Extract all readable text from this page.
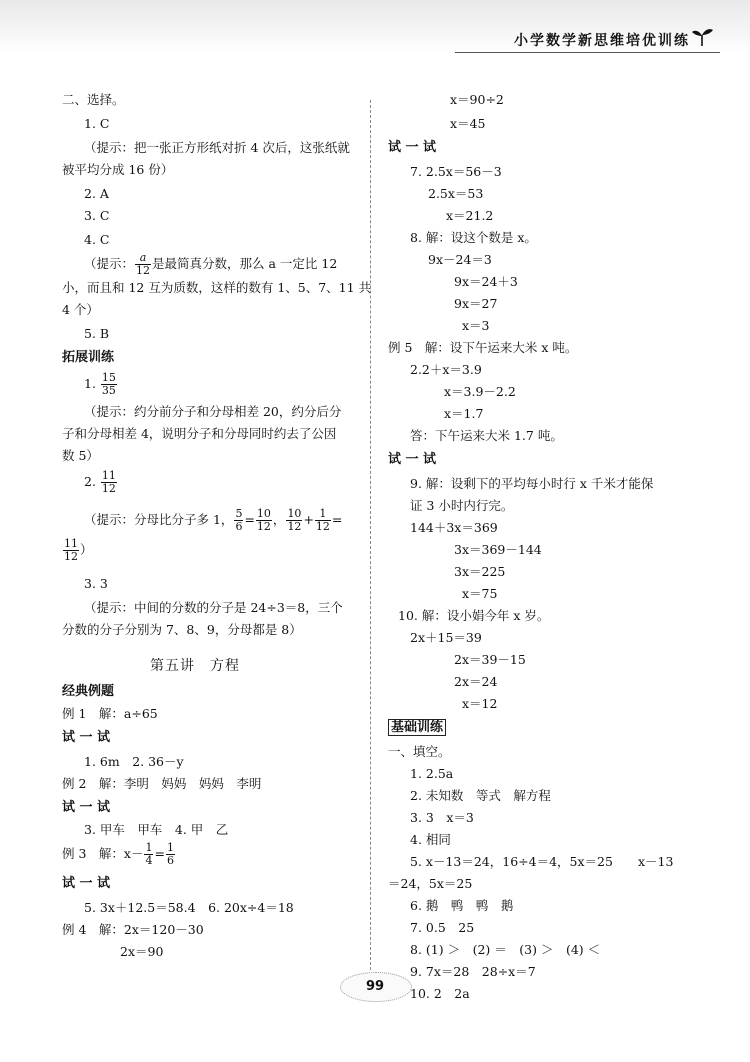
小学数学新思维培优训练
二、选择。
1. C
（提示：把一张正方形纸对折 4 次后，这张纸就
被平均分成 16 份）
2. A
3. C
4. C
（提示： $\frac{a}{12}$ 是最简真分数，那么 a 一定比 12
小，而且和 12 互为质数，这样的数有 1、5、7、11 共
4 个）
5. B
拓展训练
1. $\frac{15}{35}$
（提示：约分前分子和分母相差 20，约分后分
子和分母相差 4，说明分子和分母同时约去了公因
数 5）
2. $\frac{11}{12}$
（提示：分母比分子多 1， $\frac{5}{6} = \frac{10}{12}$ ， $\frac{10}{12} + \frac{1}{12}$ =
$\frac{11}{12}$ ）
3. 3
（提示：中间的分数的分子是 24÷3＝8，三个
分数的分子分别为 7、8、9，分母都是 8）
经典例题
例 1　解：a÷65
试 一 试
1. 6m　2. 36－y
例 2　解：李明　妈妈　妈妈　李明
试 一 试
3. 甲车　甲车　4. 甲　乙
例 3　解：$x- \frac{1}{4} = \frac{1}{6}$
试 一 试
5. 3x＋12.5＝58.4　6. 20x÷4＝18
例 4　解：2x＝120－30
2x＝90
第五讲　方程
x＝90÷2
x＝45
试 一 试
7. 2.5x＝56－3
2.5x＝53
x＝21.2
8. 解：设这个数是 x。
9x－24＝3
9x＝24＋3
9x＝27
x＝3
例 5　解：设下午运来大米 x 吨。
2.2＋x＝3.9
x＝3.9－2.2
x＝1.7
答：下午运来大米 1.7 吨。
试 一 试
9. 解：设剩下的平均每小时行 x 千米才能保
证 3 小时内行完。
144＋3x＝369
3x＝369－144
3x＝225
x＝75
10. 解：设小娟今年 x 岁。
2x＋15＝39
2x＝39－15
2x＝24
x＝12
基础训练
一、填空。
1. 2.5a
2. 未知数　等式　解方程
3. 3　x＝3
4. 相同
5. x－13＝24，16÷4＝4，5x＝25　　x－13
＝24，5x＝25
6. 鹅　鸭　鸭　鹅
7. 0.5　25
8. (1) ＞　(2) ＝　(3) ＞　(4) ＜
9. 7x＝28　28÷x＝7
10. 2　2a
99
